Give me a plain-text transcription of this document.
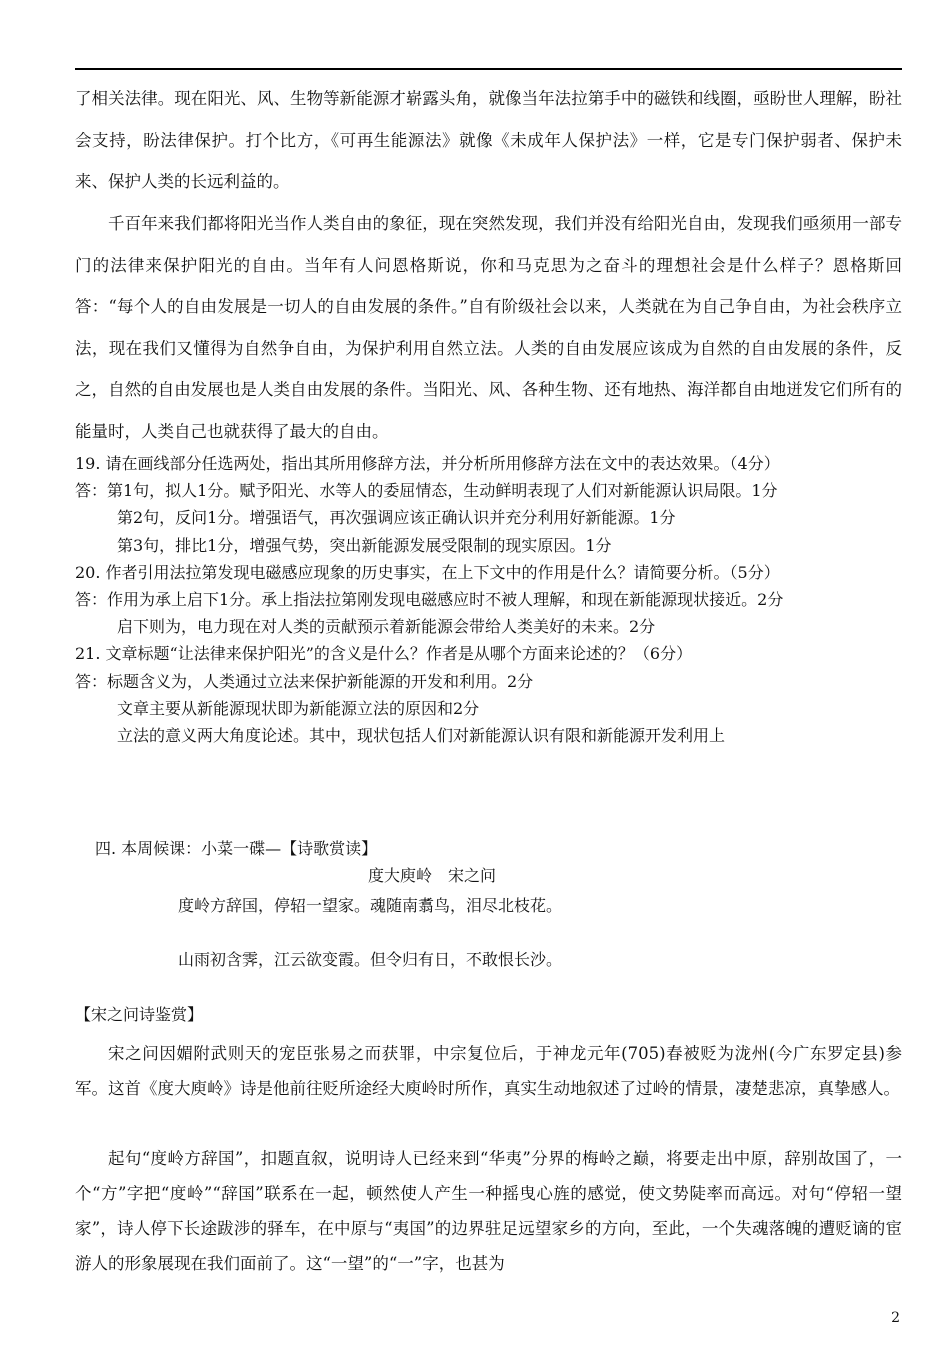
了相关法律。现在阳光、风、生物等新能源才崭露头角，就像当年法拉第手中的磁铁和线圈，亟盼世人理解，盼社会支持，盼法律保护。打个比方，《可再生能源法》就像《未成年人保护法》一样，它是专门保护弱者、保护未来、保护人类的长远利益的。

千百年来我们都将阳光当作人类自由的象征，现在突然发现，我们并没有给阳光自由，发现我们亟须用一部专门的法律来保护阳光的自由。当年有人问恩格斯说，你和马克思为之奋斗的理想社会是什么样子？恩格斯回答：“每个人的自由发展是一切人的自由发展的条件。”自有阶级社会以来，人类就在为自己争自由，为社会秩序立法，现在我们又懂得为自然争自由，为保护利用自然立法。人类的自由发展应该成为自然的自由发展的条件，反之，自然的自由发展也是人类自由发展的条件。当阳光、风、各种生物、还有地热、海洋都自由地迸发它们所有的能量时，人类自己也就获得了最大的自由。

19. 请在画线部分任选两处，指出其所用修辞方法，并分析所用修辞方法在文中的表达效果。（4分）
答：第1句，拟人1分。赋予阳光、水等人的委屈情态，生动鲜明表现了人们对新能源认识局限。1分
第2句，反问1分。增强语气，再次强调应该正确认识并充分利用好新能源。1分
第3句，排比1分，增强气势，突出新能源发展受限制的现实原因。1分
20. 作者引用法拉第发现电磁感应现象的历史事实，在上下文中的作用是什么？请简要分析。（5分）
答：作用为承上启下1分。承上指法拉第刚发现电磁感应时不被人理解，和现在新能源现状接近。2分
启下则为，电力现在对人类的贡献预示着新能源会带给人类美好的未来。2分
21. 文章标题“让法律来保护阳光”的含义是什么？作者是从哪个方面来论述的？（6分）
答：标题含义为，人类通过立法来保护新能源的开发和利用。2分
文章主要从新能源现状即为新能源立法的原因和2分
立法的意义两大角度论述。其中，现状包括人们对新能源认识有限和新能源开发利用上
四. 本周候课：小菜一碟—【诗歌赏读】
度大庾岭　宋之问
度岭方辞国，停轺一望家。魂随南翥鸟，泪尽北枝花。
山雨初含霁，江云欲变霞。但令归有日，不敢恨长沙。
【宋之问诗鉴赏】

宋之问因媚附武则天的宠臣张易之而获罪，中宗复位后，于神龙元年(705)春被贬为泷州(今广东罗定县)参军。这首《度大庾岭》诗是他前往贬所途经大庾岭时所作，真实生动地叙述了过岭的情景，凄楚悲凉，真挚感人。

起句“度岭方辞国”，扣题直叙，说明诗人已经来到“华夷”分界的梅岭之巅，将要走出中原，辞别故国了，一个“方”字把“度岭”“辞国”联系在一起，顿然使人产生一种摇曳心旌的感觉，使文势陡率而高远。对句“停轺一望家”，诗人停下长途跋涉的驿车，在中原与“夷国”的边界驻足远望家乡的方向，至此，一个失魂落魄的遭贬谪的宦游人的形象展现在我们面前了。这“一望”的“一”字，也甚为

2
